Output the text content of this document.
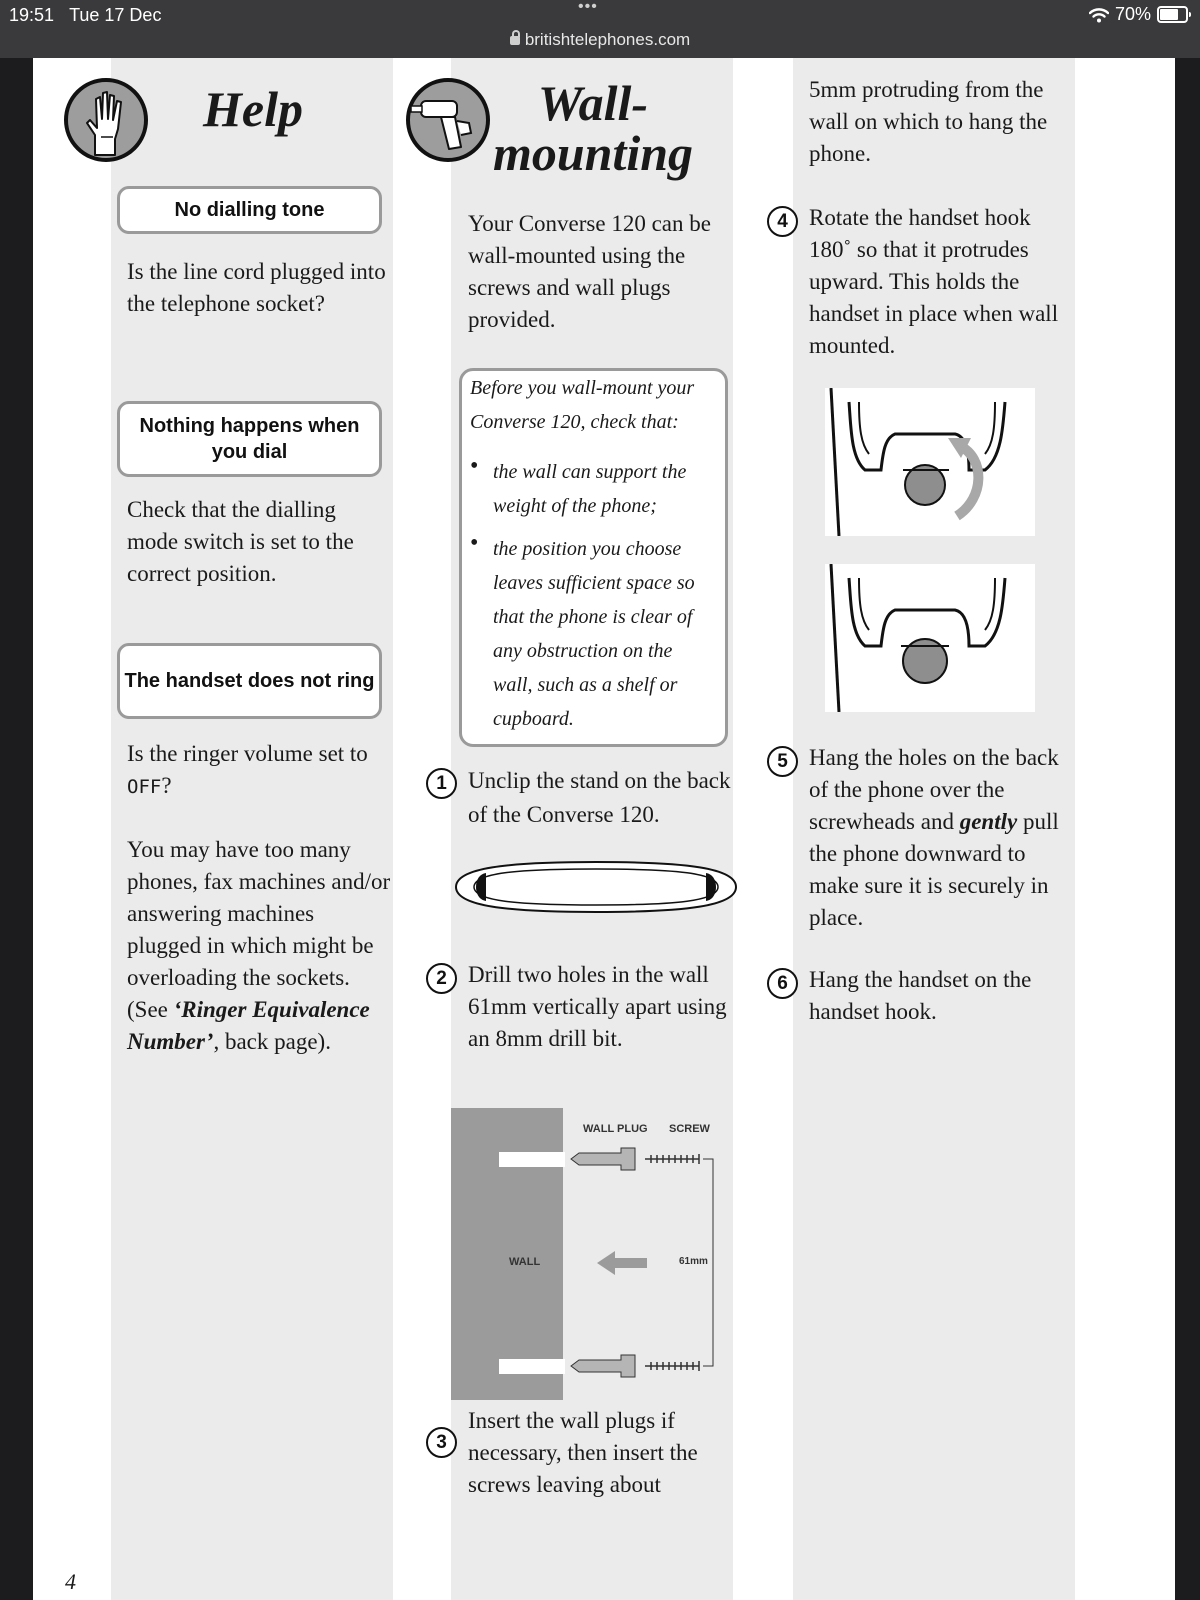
19:51 Tue 17 Dec	•••
britishtelephones.com
70%
Help
No dialling tone
Is the line cord plugged into the telephone socket?
Nothing happens when you dial
Check that the dialling mode switch is set to the correct position.
The handset does not ring
Is the ringer volume set to OFF?
You may have too many phones, fax machines and/or answering machines plugged in which might be overloading the sockets. (See ‘Ringer Equivalence Number’, back page).
4
Wall-
mounting
Your Converse 120 can be wall-mounted using the screws and wall plugs provided.
Before you wall-mount your Converse 120, check that:
• the wall can support the weight of the phone;
• the position you choose leaves sufficient space so that the phone is clear of any obstruction on the wall, such as a shelf or cupboard.
1 Unclip the stand on the back of the Converse 120.
2 Drill two holes in the wall 61mm vertically apart using an 8mm drill bit.
WALL PLUG SCREW
WALL	61mm
3
Insert the wall plugs if necessary, then insert the screws leaving about
5mm protruding from the wall on which to hang the phone.
4 Rotate the handset hook 180˚ so that it protrudes upward. This holds the handset in place when wall mounted.
5 Hang the holes on the back of the phone over the screwheads and gently pull the phone downward to make sure it is securely in place.
6 Hang the handset on the handset hook.
